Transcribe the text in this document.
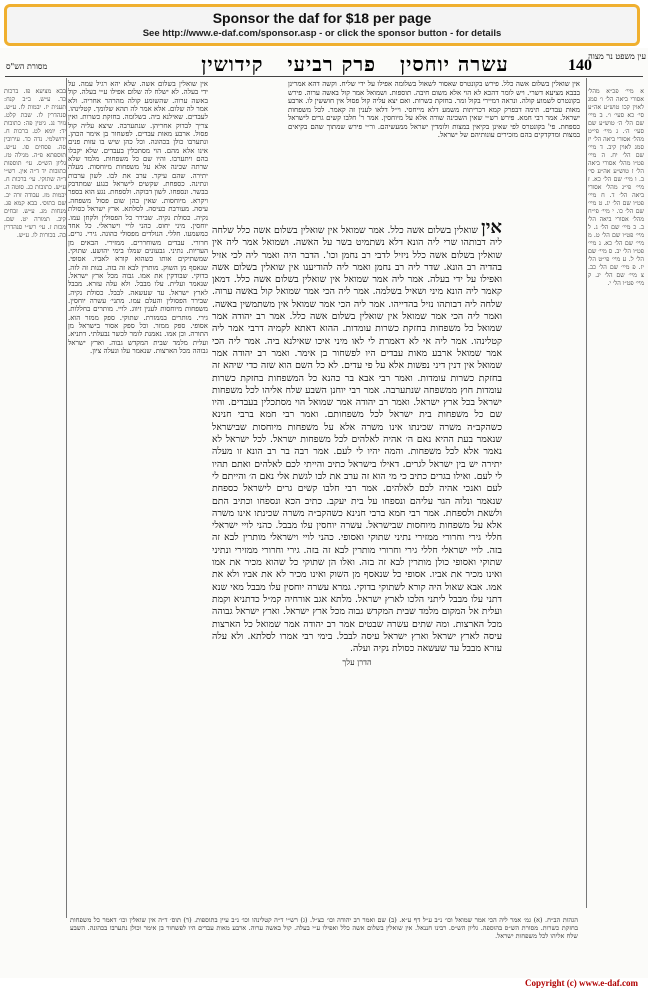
Sponsor the daf for $18 per page
See http://www.e-daf.com/sponsor.asp - or click the sponsor button - for details
140
עשרה יוחסין פרק רביעי קידושין	עין משפט נר מצוה
מסורת הש"ס

אין שואלין בשלום אשה כלל. פירש בקונטרס שאסור לשאול בשלומה אפילו על ידי שליח. וקשה דהא אמרינן בבבא מציעא דשרי. ויש לומר דהכא לא הוי אלא משום חיבה. תוספות. ושמואל אמר קול באשה ערוה. פירש בקונטרס לשמוע קולה. ונראה דמיירי בקול זמר. בחזקת כשרות. ואם יצא עליה קול פסול אין חוששין לו. ארבע מאות עבדים. תימה דבפרק קמא דכריתות משמע דלא מייחסי. וי״ל דלאו לענין זה קאמר. לכל משפחות ישראל. אמר רבי חמא. פירש רש״י שאין השכינה שורה אלא על מיוחסין. אמר ר' חלבו קשים גרים לישראל כספחת. פי' בקונטרס לפי שאינן בקיאין במצות ולומדין ישראל ממעשיהם. ור״י פירש שמתוך שהם בקיאים במצות ומדקדקים בהם מזכירים עונותיהם של ישראל.

אין שואלין בשלום אשה כלל. אמר שמואל אין שואלין בשלום אשה כלל שלחה ליה דבותהו שרי ליה הונא דלא נשתמיט בשר על האשה. ושמואל אמר ליה אין שואלין בשלום אשה כלל ניזיל לדבי רב נחמן וכו'. הדבר היה ואמר ליה לכי אזיל בהדיה רב הונא. שדר ליה רב נחמן ואמר ליה להודיענו אין שואלין בשלום אשה ואפילו על ידי בעלה. אמר ליה אמר שמואל אין שואלין בשלום אשה כלל. דמאן קאמר ליה הונא מיני ושאיל בשלמה. אמר ליה הכי אמר שמואל קול באשה ערוה. שלחה ליה דבותהו נזיל בהדייהו. אמר ליה הכי אמר שמואל אין משתמשין באשה. ואמר ליה הכי אמר שמואל אין שואלין בשלום אשה כלל. אמר רב יהודה אמר שמואל כל משפחות בחזקת כשרות עומדות. ההוא דאתא לקמיה דרבי אמר ליה קטלינהו. אמר ליה אי לא דאמרת לי לאו מיני איכו שאילנא ביה. אמר ליה הכי אמר שמואל ארבע מאות עבדים היו לפשחור בן אימר. ואמר רב יהודה אמר שמואל אין דנין דיני נפשות אלא על פי עדים. לא כל השם הוא שזה כדי שיהא זה בחזקת כשרות עומדות. ואמר רבי אבא בר כהנא כל המשפחות בחזקת כשרות עומדות חוץ ממשפחה שנתערבה. אמר רבי יוחנן השבע שלח אליהו לכל משפחות ישראל בכל ארץ ישראל. ואמר רב יהודה אמר שמואל הוי מסתכלין בעבדים. והיו שם כל משפחות בית ישראל לכל משפחותם. ואמר רבי חמא ברבי חנינא כשהקב״ה משרה שכינתו אינו משרה אלא על משפחות מיוחסות שבישראל שנאמר בעת ההיא נאם ה׳ אהיה לאלהים לכל משפחות ישראל. לכל ישראל לא נאמר אלא לכל משפחות. והמה יהיו לי לעם. אמר רבה בר רב הונא זו מעלה יתירה יש בין ישראל לגרים. דאילו בישראל כתיב והייתי לכם לאלהים ואתם תהיו לי לעם. ואילו בגרים כתיב כי מי הוא זה ערב את לבו לגשת אלי נאם ה׳ והייתם לי לעם ואנכי אהיה לכם לאלהים. אמר רבי חלבו קשים גרים לישראל כספחת שנאמר ונלוה הגר עליהם ונספחו על בית יעקב. כתיב הכא ונספחו וכתיב התם ולשאת ולספחת. אמר רבי חמא ברבי חנינא כשהקב״ה משרה שכינתו אינו משרה אלא על משפחות מיוחסות שבישראל. עשרה יוחסין עלו מבבל. כהני לויי ישראלי חללי גירי וחרורי ממזירי נתיני שתוקי ואסופי. כהני לויי וישראלי מותרין לבא זה בזה. לויי ישראלי חללי גירי וחרורי מותרין לבא זה בזה. גירי וחרורי ממזירי ונתיני שתוקי ואסופי כולן מותרין לבא זה בזה. ואלו הן שתוקי כל שהוא מכיר את אמו ואינו מכיר את אביו. אסופי כל שנאסף מן השוק ואינו מכיר לא את אביו ולא את אמו. אבא שאול היה קורא לשתוקי בדוקי. גמרא עשרה יוחסין עלו מבבל מאי שנא דתני עלו מבבל ליתני הלכו לארץ ישראל. מלתא אגב אורחיה קמ״ל כדתניא וקמת ועלית אל המקום מלמד שבית המקדש גבוה מכל ארץ ישראל. וארץ ישראל גבוהה מכל הארצות. ומה שתים עשרה שבטים אמר רב יהודה אמר שמואל כל הארצות עיסה לארץ ישראל וארץ ישראל עיסה לבבל. בימי רבי אמרו לסלתא. ולא עלה עזרא מבבל עד שעשאה כסולת נקיה ועלה.
הדרן עלך

אין שואלין בשלום אשה. שלא יהא רגיל עמה. על ידי בעלה. לא ישלח לה שלום אפילו ע״י בעלה. קול באשה ערוה. שהשומע קולה מהרהר אחריה. ולא אמר לה שלום. אלא אמר לה תהא שלומך. קטלינהו. לעבדים. שאילנא ביה. בשלומה. בחזקת כשרות. ואין צריך לבדוק אחריהן. שנתערבה. שיצא עליה קול פסול. ארבע מאות עבדים. לפשחור בן אימר הכהן. ונתערבו כולן בכהונה. וכל כהן שיש בו עזות פנים אינו אלא מהם. הוי מסתכלין בעבדים. שלא יקבלו בהם ויתערבו. והיו שם כל משפחות. מלמד שלא שרתה שכינה אלא על משפחות מיוחסות. מעלה יתירה. שהם עיקר. ערב את לבו. לשון ערבות ונתינה. כספחת. שקשים לישראל כנגע שמתדבק בבשר. ונספחו. לשון דבוקה. ולספחת. נגע הוא בספר ויקרא. מיוחסות. שאין בהן שום פסול משפחה. עיסה. מעורבת כעיסה. לסלתא. ארץ ישראל כסולת נקיה. כסולת נקיה. שבירר כל הפסולין ולקחן עמו. יוחסין. מיני יחוס. כהני לויי וישראלי. כל אחד כמשמעו. חללי. הנולדים מפסולי כהונה. גירי. גרים. חרורי. עבדים משוחררים. ממזירי. הבאים מן העריות. נתיני. גבעונים שמלו בימי יהושע. שתוקי. שמשתיקים אותו כשהוא קורא לאביו. אסופי. שנאסף מן השוק. מותרין לבא זה בזה. בנות זה לזה. בדוקי. שבודקין את אמו. גבוה מכל ארץ ישראל. שנאמר ועלית. עלו מבבל. ולא עלה עזרא. מבבל לארץ ישראל. עד שעשאה. לבבל. כסולת נקיה. שבירר הפסולין והעלם עמו. מתני׳ עשרה יוחסין. משפחות מיוחסות לענין זיווג. לויי. מותרים בחללות. גירי. מותרים בממזרת. שתוקי. ספק ממזר הוא. אסופי. ספק ממזר. וכל ספק אסור בישראל מן התורה. וכן אמו. נאמנת לומר לכשר נבעלתי. דתניא. ועלית מלמד שבית המקדש גבוה. וארץ ישראל גבוהה מכל הארצות. שנאמר עלו ונעלה ציון.

א מיי׳ פכ״א מהל׳ אסורי ביאה הל׳ ו׳ סמג לאוין קכו טוש״ע אה״ע סי׳ כא סעי׳ ו׳. ב מיי׳ שם הל׳ ה׳ טוש״ע שם סעי׳ ה׳. ג מיי׳ פי״ט מהל׳ אסורי ביאה הל׳ יז סמג לאוין קיב. ד מיי׳ שם הל׳ יח. ה מיי׳ פט״ו מהל׳ אסורי ביאה הל׳ ז טוש״ע אה״ע סי׳ ב. ו מיי׳ שם הל׳ כא. ז מיי׳ פי״ג מהל׳ אסורי ביאה הל׳ ד. ח מיי׳ פט״ו שם הל׳ יג. ט מיי׳ שם הל׳ כו. י מיי׳ פי״ח מהל׳ אסורי ביאה הל׳ ב. כ מיי׳ שם הל׳ ג. ל מיי׳ פט״ו שם הל׳ ט. מ מיי׳ שם הל׳ כא. נ מיי׳ פט״ו הל׳ יב. ס מיי׳ שם הל׳ ל. ע מיי׳ פי״ט הל׳ יז. פ מיי׳ שם הל׳ כב. צ מיי׳ שם הל׳ יג. ק מיי׳ פט״ו הל׳ י.

בבא מציעא פז. ברכות כד. ע״ש. ב״ב קנח: תענית יז. יבמות לז. ע״ש. סנהדרין לז. שבת קלט. נזיר נג. גיטין פה: כתובות יד: יומא לט. ברכות ח. ירושלמי. נדה כד. עירובין סה. פסחים סו. ע״ש. תוספתא פ״ה. מגילה טז. גליון הש״ס. עי׳ תוספות כתובות יד ד״ה אין. רש״י ד״ה שתוקי. עי׳ ברכות ח. ע״ש. כתובות כג. סוטה ה. יבמות מז. עבודה זרה יב. שם בתוס׳. בבא קמא פג. מנחות מג. ע״ש. זבחים קיב. תמורה יט. שם. מכות ז. עי׳ רש״י סנהדרין כה. בכורות לו. ע״ש.

הגהות הב״ח. (א) גמ׳ אמר ליה הכי אמר שמואל וכו׳ נ״ב ע״ל דף ע״א. (ב) שם ואמר רב יהודה וכו׳ כצ״ל. (ג) רש״י ד״ה קטלינהו וכו׳ נ״ב עיין בתוספות. (ד) תוס׳ ד״ה אין שואלין וכו׳ דאמר כל משפחות בחזקת כשרות. מסורת הש״ס בהוספה. גליון הש״ס. רבינו חננאל. אין שואלין בשלום אשה כלל ואפילו ע״י בעלה. קול באשה ערוה. ארבע מאות עבדים היו לפשחור בן אימר וכולן נתערבו בכהונה. השבע שלח אליהו לכל משפחות ישראל.

Copyright (c) www.e-daf.com
